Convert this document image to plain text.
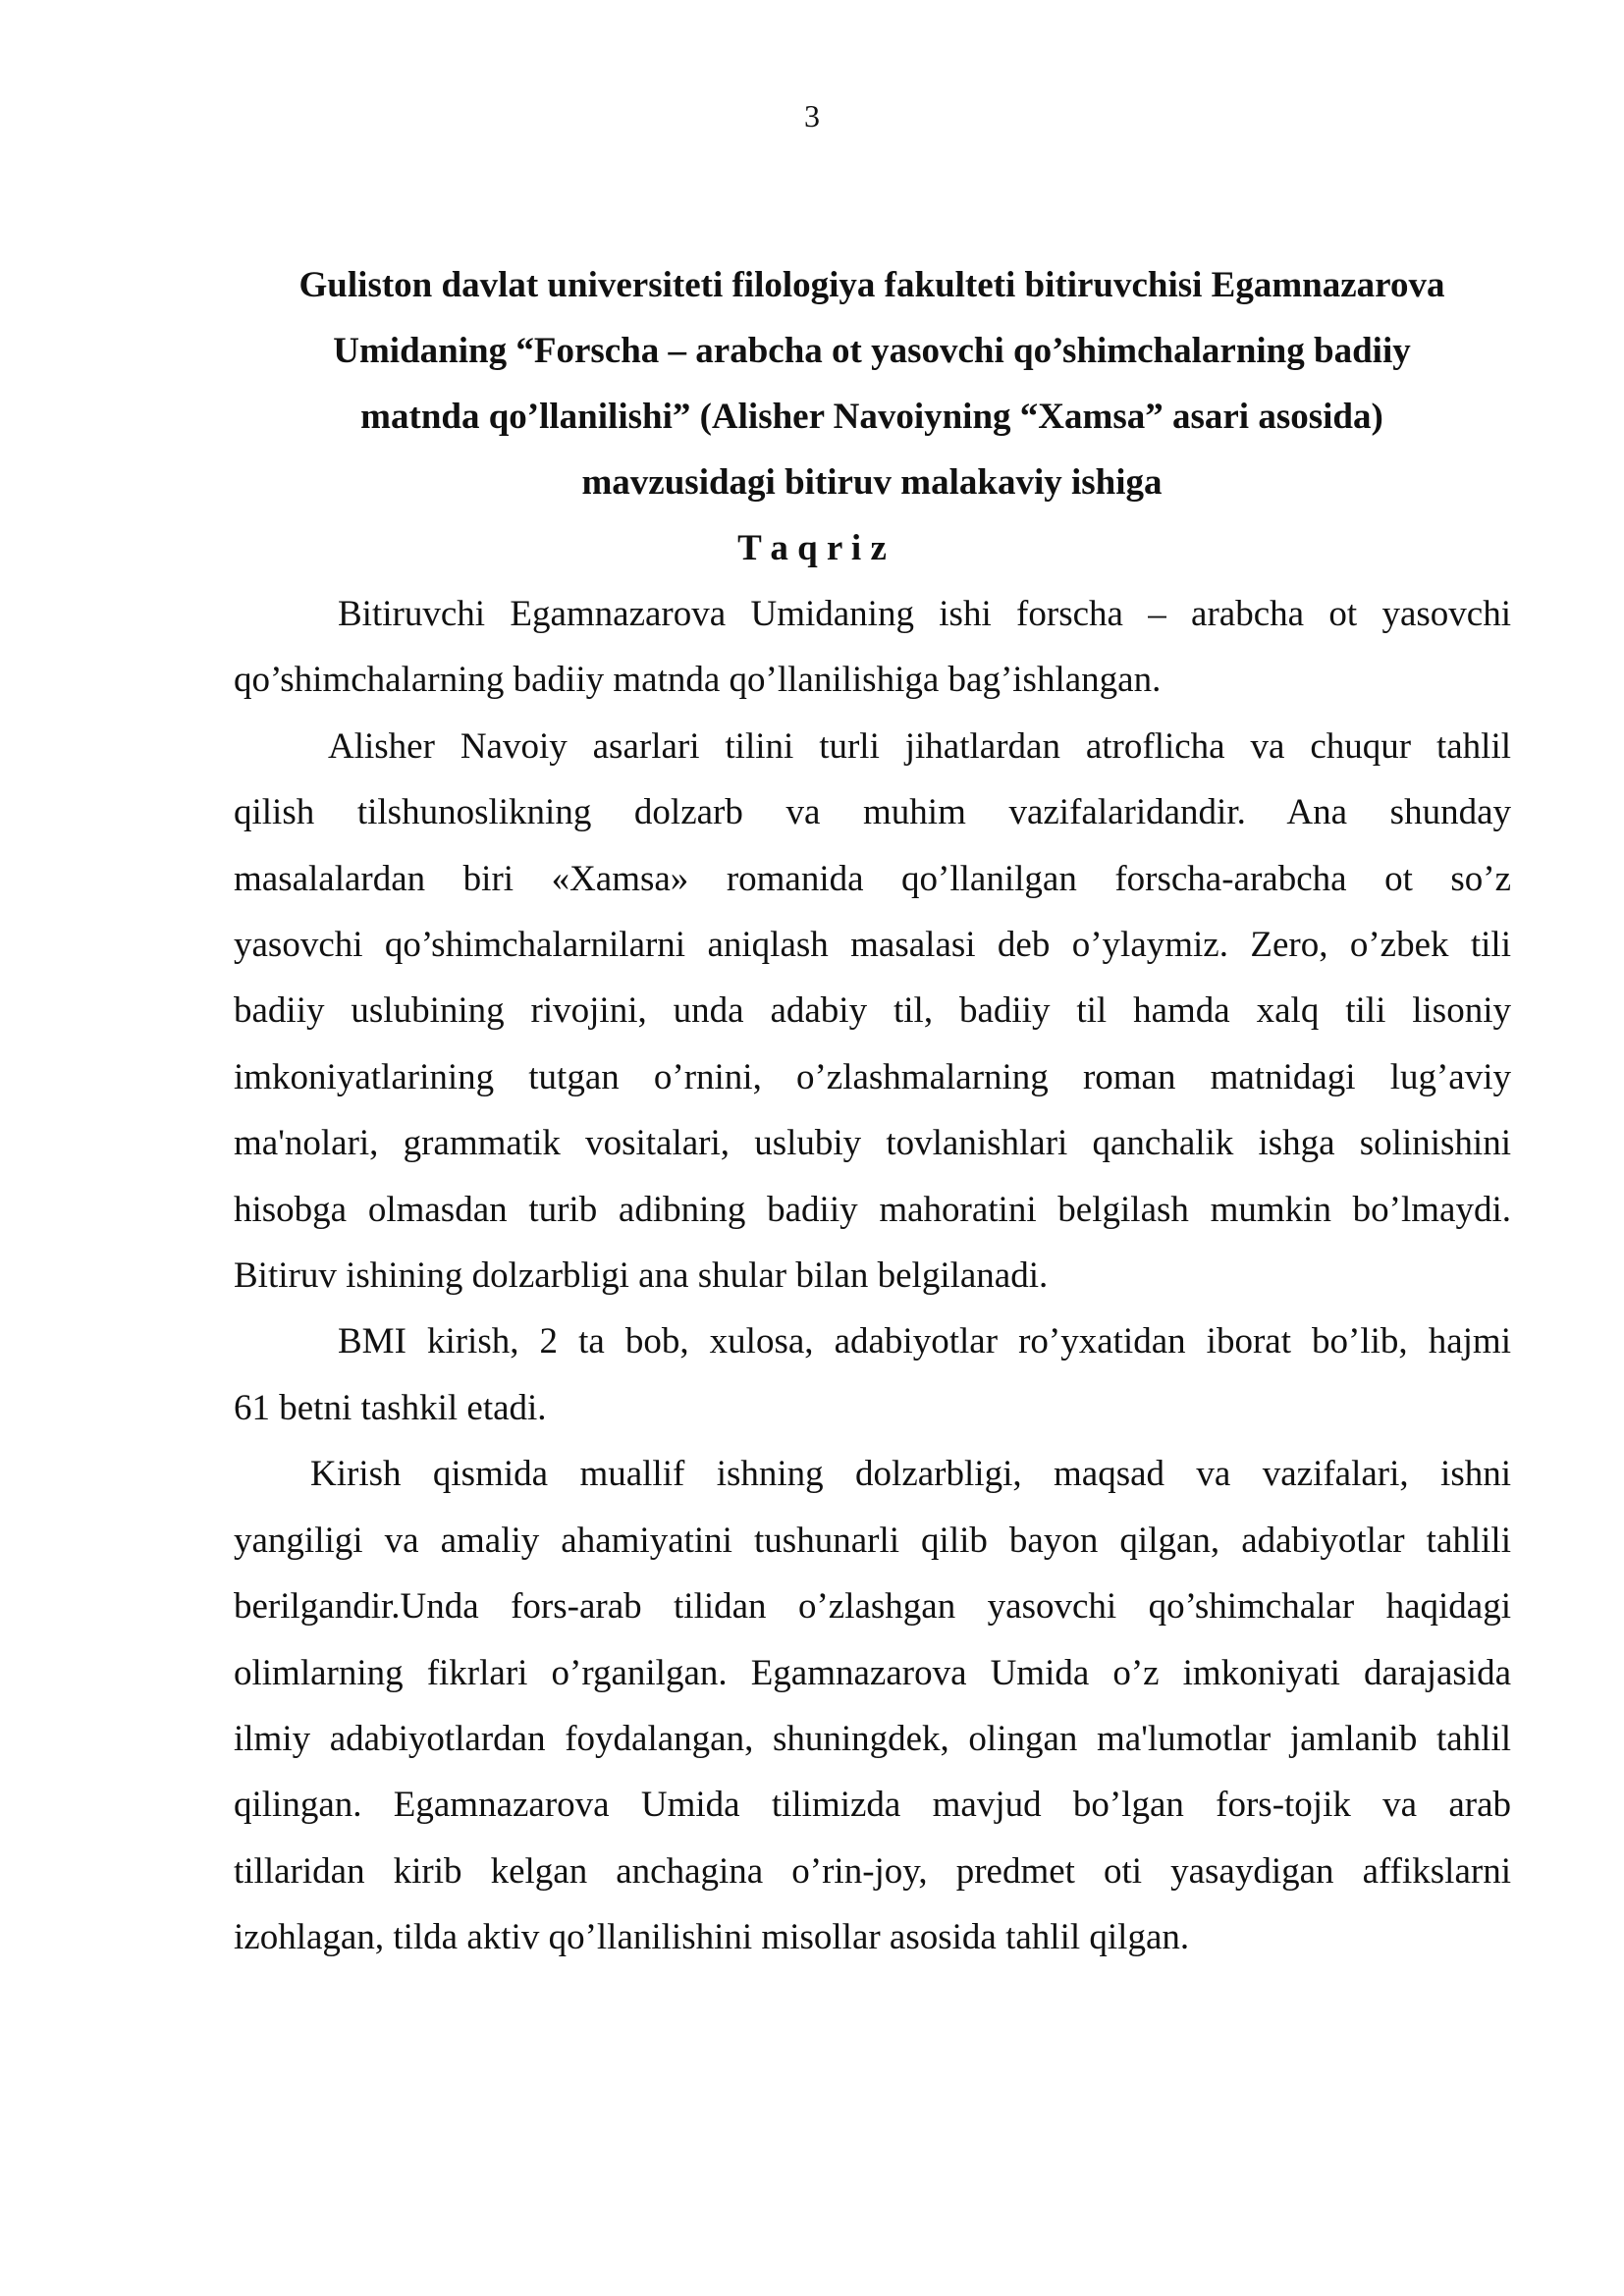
3
Guliston davlat universiteti filologiya fakulteti bitiruvchisi Egamnazarova
Umidaning “Forscha – arabcha ot yasovchi qo’shimchalarning badiiy
matnda qo’llanilishi” (Alisher Navoiyning “Xamsa” asari asosida)
mavzusidagi bitiruv malakaviy ishiga
T a q r i z
Bitiruvchi Egamnazarova Umidaning ishi forscha – arabcha ot yasovchi
qo’shimchalarning badiiy matnda qo’llanilishiga bag’ishlangan.
Alisher Navoiy asarlari tilini turli jihatlardan atroflicha va chuqur tahlil
qilish tilshunoslikning dolzarb va muhim vazifalaridandir. Ana shunday
masalalardan biri «Xamsa» romanida qo’llanilgan forscha-arabcha ot so’z
yasovchi qo’shimchalarnilarni aniqlash masalasi deb o’ylaymiz. Zero, o’zbek tili
badiiy uslubining rivojini, unda adabiy til, badiiy til hamda xalq tili lisoniy
imkoniyatlarining tutgan o’rnini, o’zlashmalarning roman matnidagi lug’aviy
ma'nolari, grammatik vositalari, uslubiy tovlanishlari qanchalik ishga solinishini
hisobga olmasdan turib adibning badiiy mahoratini belgilash mumkin bo’lmaydi.
Bitiruv ishining dolzarbligi ana shular bilan belgilanadi.
BMI kirish, 2 ta bob, xulosa, adabiyotlar ro’yxatidan iborat bo’lib, hajmi
61 betni tashkil etadi.
Kirish qismida muallif ishning dolzarbligi, maqsad va vazifalari, ishni
yangiligi va amaliy ahamiyatini tushunarli qilib bayon qilgan, adabiyotlar tahlili
berilgandir.Unda fors-arab tilidan o’zlashgan yasovchi qo’shimchalar haqidagi
olimlarning fikrlari o’rganilgan. Egamnazarova Umida o’z imkoniyati darajasida
ilmiy adabiyotlardan foydalangan, shuningdek, olingan ma'lumotlar jamlanib tahlil
qilingan. Egamnazarova Umida tilimizda mavjud bo’lgan fors-tojik va arab
tillaridan kirib kelgan anchagina o’rin-joy, predmet oti yasaydigan affikslarni
izohlagan, tilda aktiv qo’llanilishini misollar asosida tahlil qilgan.
